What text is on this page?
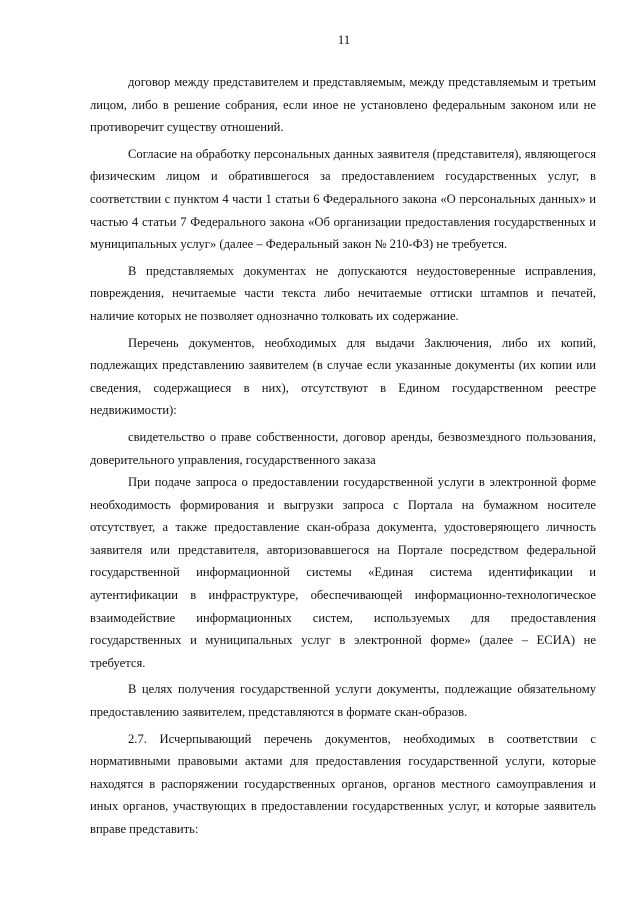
11

договор между представителем и представляемым, между представляемым и третьим лицом, либо в решение собрания, если иное не установлено федеральным законом или не противоречит существу отношений.

Согласие на обработку персональных данных заявителя (представителя), являющегося физическим лицом и обратившегося за предоставлением государственных услуг, в соответствии с пунктом 4 части 1 статьи 6 Федерального закона «О персональных данных» и частью 4 статьи 7 Федерального закона «Об организации предоставления государственных и муниципальных услуг» (далее – Федеральный закон № 210-ФЗ) не требуется.

В представляемых документах не допускаются неудостоверенные исправления, повреждения, нечитаемые части текста либо нечитаемые оттиски штампов и печатей, наличие которых не позволяет однозначно толковать их содержание.

Перечень документов, необходимых для выдачи Заключения, либо их копий, подлежащих представлению заявителем (в случае если указанные документы (их копии или сведения, содержащиеся в них), отсутствуют в Едином государственном реестре недвижимости):

свидетельство о праве собственности, договор аренды, безвозмездного пользования, доверительного управления, государственного заказа

При подаче запроса о предоставлении государственной услуги в электронной форме необходимость формирования и выгрузки запроса с Портала на бумажном носителе отсутствует, а также предоставление скан-образа документа, удостоверяющего личность заявителя или представителя, авторизовавшегося на Портале посредством федеральной государственной информационной системы «Единая система идентификации и аутентификации в инфраструктуре, обеспечивающей информационно-технологическое взаимодействие информационных систем, используемых для предоставления государственных и муниципальных услуг в электронной форме» (далее – ЕСИА) не требуется.

В целях получения государственной услуги документы, подлежащие обязательному предоставлению заявителем, представляются в формате скан-образов.

2.7. Исчерпывающий перечень документов, необходимых в соответствии с нормативными правовыми актами для предоставления государственной услуги, которые находятся в распоряжении государственных органов, органов местного самоуправления и иных органов, участвующих в предоставлении государственных услуг, и которые заявитель вправе представить:
